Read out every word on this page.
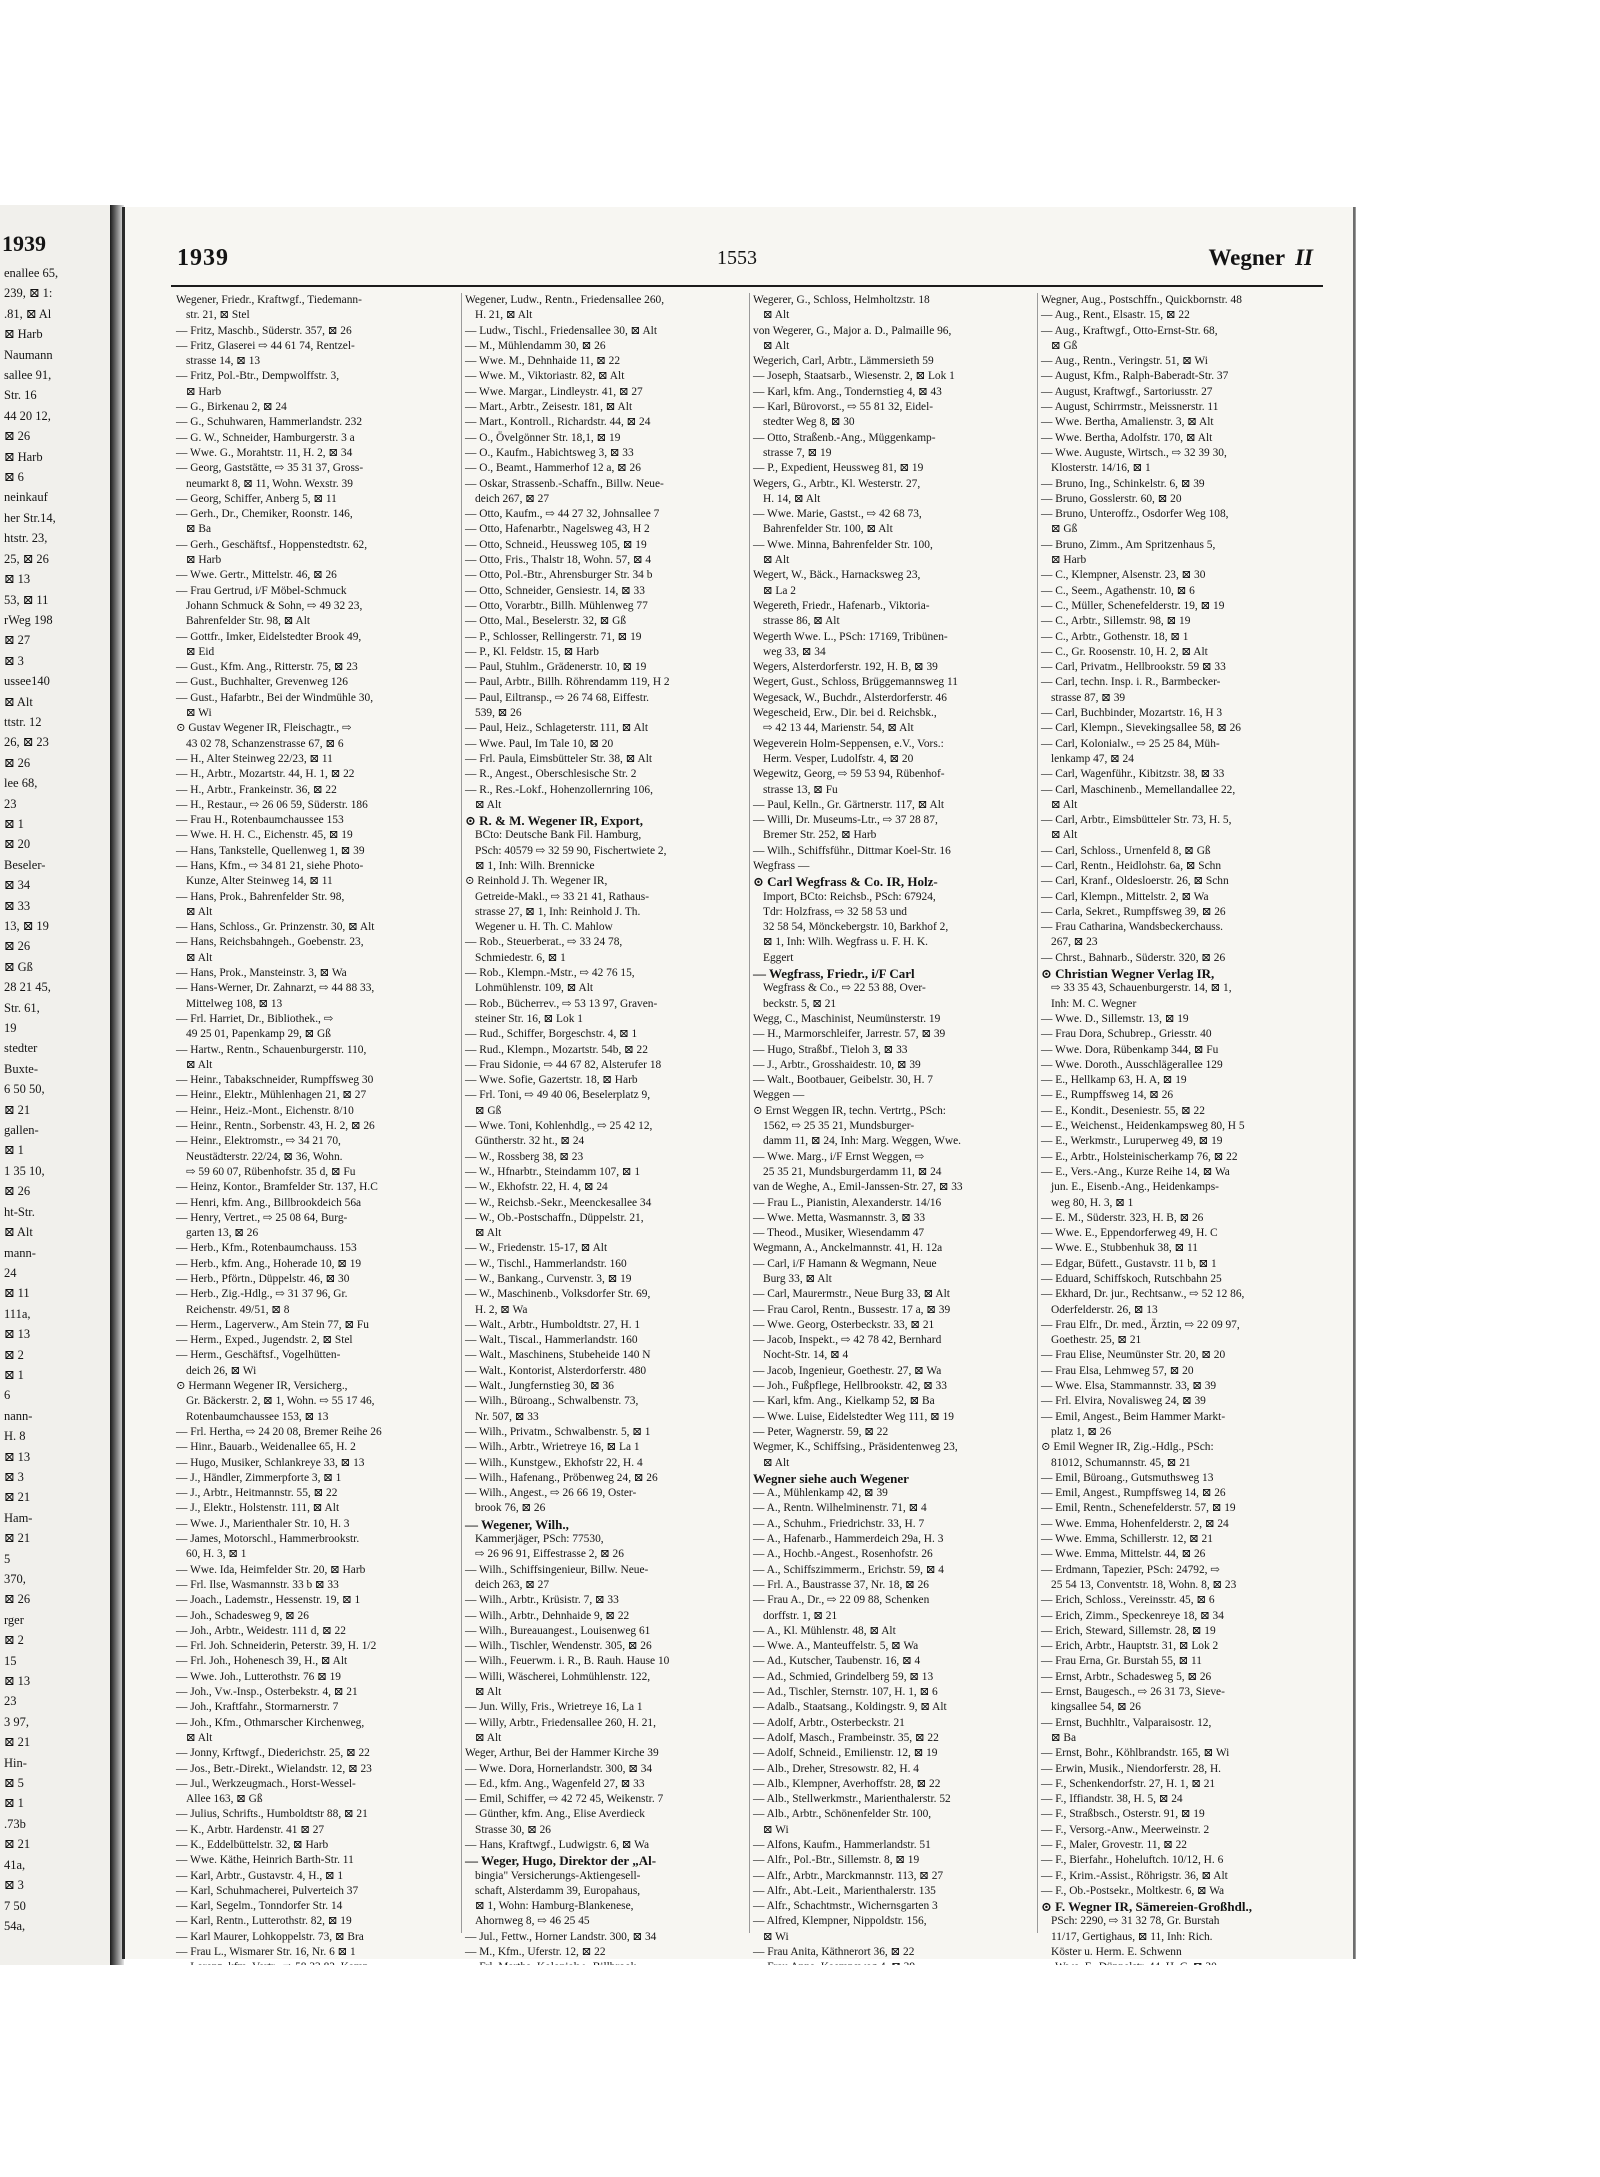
1939
enallee 65,
239, ⊠ 1:
.81, ⊠ Al
⊠ Harb
Naumann
sallee 91,
Str. 16
44 20 12,
⊠ 26
⊠ Harb
⊠ 6
neinkauf
her Str.14,
htstr. 23,
25, ⊠ 26
⊠ 13
53, ⊠ 11
rWeg 198
⊠ 27
⊠ 3
ussee140
⊠ Alt
ttstr. 12
26, ⊠ 23
⊠ 26
lee 68,
23
⊠ 1
⊠ 20
Beseler-
⊠ 34
⊠ 33
13, ⊠ 19
⊠ 26
⊠ Gß
28 21 45,
Str. 61,
19
stedter
Buxte-
6 50 50,
⊠ 21
gallen-
⊠ 1
1 35 10,
⊠ 26
ht-Str.
⊠ Alt
mann-
24
⊠ 11
111a,
⊠ 13
⊠ 2
⊠ 1
6
nann-
H. 8
⊠ 13
⊠ 3
⊠ 21
Ham-
⊠ 21
5
370,
⊠ 26
rger
⊠ 2
15
⊠ 13
23
3 97,
⊠ 21
Hin-
⊠ 5
⊠ 1
.73b
⊠ 21
41a,
⊠ 3
7 50
54a,
1939	1553	Wegner II
Wegener, Friedr., Kraftwgf., Tiedemann-
str. 21, ⊠ Stel
— Fritz, Maschb., Süderstr. 357, ⊠ 26
— Fritz, Glaserei ⇨ 44 61 74, Rentzel-
strasse 14, ⊠ 13
— Fritz, Pol.-Btr., Dempwolffstr. 3,
⊠ Harb
— G., Birkenau 2, ⊠ 24
— G., Schuhwaren, Hammerlandstr. 232
— G. W., Schneider, Hamburgerstr. 3 a
— Wwe. G., Morahtstr. 11, H. 2, ⊠ 34
— Georg, Gaststätte, ⇨ 35 31 37, Gross-
neumarkt 8, ⊠ 11, Wohn. Wexstr. 39
— Georg, Schiffer, Anberg 5, ⊠ 11
— Gerh., Dr., Chemiker, Roonstr. 146,
⊠ Ba
— Gerh., Geschäftsf., Hoppenstedtstr. 62,
⊠ Harb
— Wwe. Gertr., Mittelstr. 46, ⊠ 26
— Frau Gertrud, i/F Möbel-Schmuck
Johann Schmuck & Sohn, ⇨ 49 32 23,
Bahrenfelder Str. 98, ⊠ Alt
— Gottfr., Imker, Eidelstedter Brook 49,
⊠ Eid
— Gust., Kfm. Ang., Ritterstr. 75, ⊠ 23
— Gust., Buchhalter, Grevenweg 126
— Gust., Hafarbtr., Bei der Windmühle 30,
⊠ Wi
⊙ Gustav Wegener IR, Fleischagtr., ⇨
43 02 78, Schanzenstrasse 67, ⊠ 6
— H., Alter Steinweg 22/23, ⊠ 11
— H., Arbtr., Mozartstr. 44, H. 1, ⊠ 22
— H., Arbtr., Frankeinstr. 36, ⊠ 22
— H., Restaur., ⇨ 26 06 59, Süderstr. 186
— Frau H., Rotenbaumchaussee 153
— Wwe. H. H. C., Eichenstr. 45, ⊠ 19
— Hans, Tankstelle, Quellenweg 1, ⊠ 39
— Hans, Kfm., ⇨ 34 81 21, siehe Photo-
Kunze, Alter Steinweg 14, ⊠ 11
— Hans, Prok., Bahrenfelder Str. 98,
⊠ Alt
— Hans, Schloss., Gr. Prinzenstr. 30, ⊠ Alt
— Hans, Reichsbahngeh., Goebenstr. 23,
⊠ Alt
— Hans, Prok., Mansteinstr. 3, ⊠ Wa
— Hans-Werner, Dr. Zahnarzt, ⇨ 44 88 33,
Mittelweg 108, ⊠ 13
— Frl. Harriet, Dr., Bibliothek., ⇨
49 25 01, Papenkamp 29, ⊠ Gß
— Hartw., Rentn., Schauenburgerstr. 110,
⊠ Alt
— Heinr., Tabakschneider, Rumpffsweg 30
— Heinr., Elektr., Mühlenhagen 21, ⊠ 27
— Heinr., Heiz.-Mont., Eichenstr. 8/10
— Heinr., Rentn., Sorbenstr. 43, H. 2, ⊠ 26
— Heinr., Elektromstr., ⇨ 34 21 70,
Neustädterstr. 22/24, ⊠ 36, Wohn.
⇨ 59 60 07, Rübenhofstr. 35 d, ⊠ Fu
— Heinz, Kontor., Bramfelder Str. 137, H.C
— Henri, kfm. Ang., Billbrookdeich 56a
— Henry, Vertret., ⇨ 25 08 64, Burg-
garten 13, ⊠ 26
— Herb., Kfm., Rotenbaumchauss. 153
— Herb., kfm. Ang., Hoherade 10, ⊠ 19
— Herb., Pförtn., Düppelstr. 46, ⊠ 30
— Herb., Zig.-Hdlg., ⇨ 31 37 96, Gr.
Reichenstr. 49/51, ⊠ 8
— Herm., Lagerverw., Am Stein 77, ⊠ Fu
— Herm., Exped., Jugendstr. 2, ⊠ Stel
— Herm., Geschäftsf., Vogelhütten-
deich 26, ⊠ Wi
⊙ Hermann Wegener IR, Versicherg.,
Gr. Bäckerstr. 2, ⊠ 1, Wohn. ⇨ 55 17 46,
Rotenbaumchaussee 153, ⊠ 13
— Frl. Hertha, ⇨ 24 20 08, Bremer Reihe 26
— Hinr., Bauarb., Weidenallee 65, H. 2
— Hugo, Musiker, Schlankreye 33, ⊠ 13
— J., Händler, Zimmerpforte 3, ⊠ 1
— J., Arbtr., Heitmannstr. 55, ⊠ 22
— J., Elektr., Holstenstr. 111, ⊠ Alt
— Wwe. J., Marienthaler Str. 10, H. 3
— James, Motorschl., Hammerbrookstr.
60, H. 3, ⊠ 1
— Wwe. Ida, Heimfelder Str. 20, ⊠ Harb
— Frl. Ilse, Wasmannstr. 33 b ⊠ 33
— Joach., Lademstr., Hessenstr. 19, ⊠ 1
— Joh., Schadesweg 9, ⊠ 26
— Joh., Arbtr., Weidestr. 111 d, ⊠ 22
— Frl. Joh. Schneiderin, Peterstr. 39, H. 1/2
— Frl. Joh., Hohenesch 39, H., ⊠ Alt
— Wwe. Joh., Lutterothstr. 76 ⊠ 19
— Joh., Vw.-Insp., Osterbekstr. 4, ⊠ 21
— Joh., Kraftfahr., Stormarnerstr. 7
— Joh., Kfm., Othmarscher Kirchenweg,
⊠ Alt
— Jonny, Krftwgf., Diederichstr. 25, ⊠ 22
— Jos., Betr.-Direkt., Wielandstr. 12, ⊠ 23
— Jul., Werkzeugmach., Horst-Wessel-
Allee 163, ⊠ Gß
— Julius, Schrifts., Humboldtstr 88, ⊠ 21
— K., Arbtr. Hardenstr. 41 ⊠ 27
— K., Eddelbüttelstr. 32, ⊠ Harb
— Wwe. Käthe, Heinrich Barth-Str. 11
— Karl, Arbtr., Gustavstr. 4, H., ⊠ 1
— Karl, Schuhmacherei, Pulverteich 37
— Karl, Segelm., Tonndorfer Str. 14
— Karl, Rentn., Lutterothstr. 82, ⊠ 19
— Karl Maurer, Lohkoppelstr. 73, ⊠ Bra
— Frau L., Wismarer Str. 16, Nr. 6 ⊠ 1
Wegener, Ludw., Rentn., Friedensallee 260,
H. 21, ⊠ Alt
— Ludw., Tischl., Friedensallee 30, ⊠ Alt
— M., Mühlendamm 30, ⊠ 26
— Wwe. M., Dehnhaide 11, ⊠ 22
— Wwe. M., Viktoriastr. 82, ⊠ Alt
— Wwe. Margar., Lindleystr. 41, ⊠ 27
— Mart., Arbtr., Zeisestr. 181, ⊠ Alt
— Mart., Kontroll., Richardstr. 44, ⊠ 24
— O., Övelgönner Str. 18,1, ⊠ 19
— O., Kaufm., Habichtsweg 3, ⊠ 33
— O., Beamt., Hammerhof 12 a, ⊠ 26
— Oskar, Strassenb.-Schaffn., Billw. Neue-
deich 267, ⊠ 27
— Otto, Kaufm., ⇨ 44 27 32, Johnsallee 7
— Otto, Hafenarbtr., Nagelsweg 43, H 2
— Otto, Schneid., Heussweg 105, ⊠ 19
— Otto, Fris., Thalstr 18, Wohn. 57, ⊠ 4
— Otto, Pol.-Btr., Ahrensburger Str. 34 b
— Otto, Schneider, Gensiestr. 14, ⊠ 33
— Otto, Vorarbtr., Billh. Mühlenweg 77
— Otto, Mal., Beselerstr. 32, ⊠ Gß
— P., Schlosser, Rellingerstr. 71, ⊠ 19
— P., Kl. Feldstr. 15, ⊠ Harb
— Paul, Stuhlm., Grädenerstr. 10, ⊠ 19
— Paul, Arbtr., Billh. Röhrendamm 119, H 2
— Paul, Eiltransp., ⇨ 26 74 68, Eiffestr.
539, ⊠ 26
— Paul, Heiz., Schlageterstr. 111, ⊠ Alt
— Wwe. Paul, Im Tale 10, ⊠ 20
— Frl. Paula, Eimsbütteler Str. 38, ⊠ Alt
— R., Angest., Oberschlesische Str. 2
— R., Res.-Lokf., Hohenzollernring 106,
⊠ Alt
⊙ R. & M. Wegener IR, Export,
BCto: Deutsche Bank Fil. Hamburg,
PSch: 40579 ⇨ 32 59 90, Fischertwiete 2,
⊠ 1, Inh: Wilh. Brennicke
⊙ Reinhold J. Th. Wegener IR,
Getreide-Makl., ⇨ 33 21 41, Rathaus-
strasse 27, ⊠ 1, Inh: Reinhold J. Th.
Wegener u. H. Th. C. Mahlow
— Rob., Steuerberat., ⇨ 33 24 78,
Schmiedestr. 6, ⊠ 1
— Rob., Klempn.-Mstr., ⇨ 42 76 15,
Lohmühlenstr. 109, ⊠ Alt
— Rob., Bücherrev., ⇨ 53 13 97, Graven-
steiner Str. 16, ⊠ Lok 1
— Rud., Schiffer, Borgeschstr. 4, ⊠ 1
— Rud., Klempn., Mozartstr. 54b, ⊠ 22
— Frau Sidonie, ⇨ 44 67 82, Alsterufer 18
— Wwe. Sofie, Gazertstr. 18, ⊠ Harb
— Frl. Toni, ⇨ 49 40 06, Beselerplatz 9,
⊠ Gß
— Wwe. Toni, Kohlenhdlg., ⇨ 25 42 12,
Güntherstr. 32 ht., ⊠ 24
— W., Rossberg 38, ⊠ 23
— W., Hfnarbtr., Steindamm 107, ⊠ 1
— W., Ekhofstr. 22, H. 4, ⊠ 24
— W., Reichsb.-Sekr., Meenckesallee 34
— W., Ob.-Postschaffn., Düppelstr. 21,
⊠ Alt
— W., Friedenstr. 15-17, ⊠ Alt
— W., Tischl., Hammerlandstr. 160
— W., Bankang., Curvenstr. 3, ⊠ 19
— W., Maschinenb., Volksdorfer Str. 69,
H. 2, ⊠ Wa
— Walt., Arbtr., Humboldtstr. 27, H. 1
— Walt., Tiscal., Hammerlandstr. 160
— Walt., Maschinens, Stubeheide 140 N
— Walt., Kontorist, Alsterdorferstr. 480
— Walt., Jungfernstieg 30, ⊠ 36
— Wilh., Büroang., Schwalbenstr. 73,
Nr. 507, ⊠ 33
— Wilh., Privatm., Schwalbenstr. 5, ⊠ 1
— Wilh., Arbtr., Wrietreye 16, ⊠ La 1
— Wilh., Kunstgew., Ekhofstr 22, H. 4
— Wilh., Hafenang., Pröbenweg 24, ⊠ 26
— Wilh., Angest., ⇨ 26 66 19, Oster-
brook 76, ⊠ 26
— Wegener, Wilh.,
Kammerjäger, PSch: 77530,
⇨ 26 96 91, Eiffestrasse 2, ⊠ 26
— Wilh., Schiffsingenieur, Billw. Neue-
deich 263, ⊠ 27
— Wilh., Arbtr., Krüsistr. 7, ⊠ 33
— Wilh., Arbtr., Dehnhaide 9, ⊠ 22
— Wilh., Bureauangest., Louisenweg 61
— Wilh., Tischler, Wendenstr. 305, ⊠ 26
— Wilh., Feuerwm. i. R., B. Rauh. Hause 10
— Willi, Wäscherei, Lohmühlenstr. 122,
⊠ Alt
— Jun. Willy, Fris., Wrietreye 16, La 1
— Willy, Arbtr., Friedensallee 260, H. 21,
⊠ Alt
Weger, Arthur, Bei der Hammer Kirche 39
— Wwe. Dora, Hornerlandstr. 300, ⊠ 34
— Ed., kfm. Ang., Wagenfeld 27, ⊠ 33
— Emil, Schiffer, ⇨ 42 72 45, Weikenstr. 7
— Günther, kfm. Ang., Elise Averdieck
Strasse 30, ⊠ 26
— Hans, Kraftwgf., Ludwigstr. 6, ⊠ Wa
— Weger, Hugo, Direktor der „Al-
bingia" Versicherungs-Aktiengesell-
schaft, Alsterdamm 39, Europahaus,
⊠ 1, Wohn: Hamburg-Blankenese,
Ahornweg 8, ⇨ 46 25 45
— Jul., Fettw., Horner Landstr. 300, ⊠ 34
— M., Kfm., Uferstr. 12, ⊠ 22
Wegerer, G., Schloss, Helmholtzstr. 18
⊠ Alt
von Wegerer, G., Major a. D., Palmaille 96,
⊠ Alt
Wegerich, Carl, Arbtr., Lämmersieth 59
— Joseph, Staatsarb., Wiesenstr. 2, ⊠ Lok 1
— Karl, kfm. Ang., Tondernstieg 4, ⊠ 43
— Karl, Bürovorst., ⇨ 55 81 32, Eidel-
stedter Weg 8, ⊠ 30
— Otto, Straßenb.-Ang., Müggenkamp-
strasse 7, ⊠ 19
— P., Expedient, Heussweg 81, ⊠ 19
Wegers, G., Arbtr., Kl. Westerstr. 27,
H. 14, ⊠ Alt
— Wwe. Marie, Gastst., ⇨ 42 68 73,
Bahrenfelder Str. 100, ⊠ Alt
— Wwe. Minna, Bahrenfelder Str. 100,
⊠ Alt
Wegert, W., Bäck., Harnacksweg 23,
⊠ La 2
Wegereth, Friedr., Hafenarb., Viktoria-
strasse 86, ⊠ Alt
Wegerth Wwe. L., PSch: 17169, Tribünen-
weg 33, ⊠ 34
Wegers, Alsterdorferstr. 192, H. B, ⊠ 39
Wegert, Gust., Schloss, Brüggemannsweg 11
Wegesack, W., Buchdr., Alsterdorferstr. 46
Wegescheid, Erw., Dir. bei d. Reichsbk.,
⇨ 42 13 44, Marienstr. 54, ⊠ Alt
Wegeverein Holm-Seppensen, e.V., Vors.:
Herm. Vesper, Ludolfstr. 4, ⊠ 20
Wegewitz, Georg, ⇨ 59 53 94, Rübenhof-
strasse 13, ⊠ Fu
— Paul, Kelln., Gr. Gärtnerstr. 117, ⊠ Alt
— Willi, Dr. Museums-Ltr., ⇨ 37 28 87,
Bremer Str. 252, ⊠ Harb
— Wilh., Schiffsführ., Dittmar Koel-Str. 16
Wegfrass —
⊙ Carl Wegfrass & Co. IR, Holz-
Import, BCto: Reichsb., PSch: 67924,
Tdr: Holzfrass, ⇨ 32 58 53 und
32 58 54, Mönckebergstr. 10, Barkhof 2,
⊠ 1, Inh: Wilh. Wegfrass u. F. H. K.
Eggert
— Wegfrass, Friedr., i/F Carl
Wegfrass & Co., ⇨ 22 53 88, Over-
beckstr. 5, ⊠ 21
Wegg, C., Maschinist, Neumünsterstr. 19
— H., Marmorschleifer, Jarrestr. 57, ⊠ 39
— Hugo, Straßbf., Tieloh 3, ⊠ 33
— J., Arbtr., Grosshaidestr. 10, ⊠ 39
— Walt., Bootbauer, Geibelstr. 30, H. 7
Weggen —
⊙ Ernst Weggen IR, techn. Vertrtg., PSch:
1562, ⇨ 25 35 21, Mundsburger-
damm 11, ⊠ 24, Inh: Marg. Weggen, Wwe.
— Wwe. Marg., i/F Ernst Weggen, ⇨
25 35 21, Mundsburgerdamm 11, ⊠ 24
van de Weghe, A., Emil-Janssen-Str. 27, ⊠ 33
— Frau L., Pianistin, Alexanderstr. 14/16
— Wwe. Metta, Wasmannstr. 3, ⊠ 33
— Theod., Musiker, Wiesendamm 47
Wegmann, A., Anckelmannstr. 41, H. 12a
— Carl, i/F Hamann & Wegmann, Neue
Burg 33, ⊠ Alt
— Carl, Maurermstr., Neue Burg 33, ⊠ Alt
— Frau Carol, Rentn., Bussestr. 17 a, ⊠ 39
— Wwe. Georg, Osterbeckstr. 33, ⊠ 21
— Jacob, Inspekt., ⇨ 42 78 42, Bernhard
Nocht-Str. 14, ⊠ 4
— Jacob, Ingenieur, Goethestr. 27, ⊠ Wa
— Joh., Fußpflege, Hellbrookstr. 42, ⊠ 33
— Karl, kfm. Ang., Kielkamp 52, ⊠ Ba
— Wwe. Luise, Eidelstedter Weg 111, ⊠ 19
— Peter, Wagnerstr. 59, ⊠ 22
Wegmer, K., Schiffsing., Präsidentenweg 23,
⊠ Alt
Wegner siehe auch Wegener
— A., Mühlenkamp 42, ⊠ 39
— A., Rentn. Wilhelminenstr. 71, ⊠ 4
— A., Schuhm., Friedrichstr. 33, H. 7
— A., Hafenarb., Hammerdeich 29a, H. 3
— A., Hochb.-Angest., Rosenhofstr. 26
— A., Schiffszimmerm., Erichstr. 59, ⊠ 4
— Frl. A., Baustrasse 37, Nr. 18, ⊠ 26
— Frau A., Dr., ⇨ 22 09 88, Schenken
dorffstr. 1, ⊠ 21
— A., Kl. Mühlenstr. 48, ⊠ Alt
— Wwe. A., Manteuffelstr. 5, ⊠ Wa
— Ad., Kutscher, Taubenstr. 16, ⊠ 4
— Ad., Schmied, Grindelberg 59, ⊠ 13
— Ad., Tischler, Sternstr. 107, H. 1, ⊠ 6
— Adalb., Staatsang., Koldingstr. 9, ⊠ Alt
— Adolf, Arbtr., Osterbeckstr. 21
— Adolf, Masch., Frambeinstr. 35, ⊠ 22
— Adolf, Schneid., Emilienstr. 12, ⊠ 19
— Alb., Dreher, Stresowstr. 82, H. 4
— Alb., Klempner, Averhoffstr. 28, ⊠ 22
— Alb., Stellwerkmstr., Marienthalerstr. 52
— Alb., Arbtr., Schönenfelder Str. 100,
⊠ Wi
— Alfons, Kaufm., Hammerlandstr. 51
— Alfr., Pol.-Btr., Sillemstr. 8, ⊠ 19
— Alfr., Arbtr., Marckmannstr. 113, ⊠ 27
— Alfr., Abt.-Leit., Marienthalerstr. 135
— Alfr., Schachtmstr., Wichernsgarten 3
— Alfred, Klempner, Nippoldstr. 156,
⊠ Wi
— Frau Anita, Käthnerort 36, ⊠ 22
Wegner, Aug., Postschffn., Quickbornstr. 48
— Aug., Rent., Elsastr. 15, ⊠ 22
— Aug., Kraftwgf., Otto-Ernst-Str. 68,
⊠ Gß
— Aug., Rentn., Veringstr. 51, ⊠ Wi
— August, Kfm., Ralph-Baberadt-Str. 37
— August, Kraftwgf., Sartoriusstr. 27
— August, Schirrmstr., Meissnerstr. 11
— Wwe. Bertha, Amalienstr. 3, ⊠ Alt
— Wwe. Bertha, Adolfstr. 170, ⊠ Alt
— Wwe. Auguste, Wirtsch., ⇨ 32 39 30,
Klosterstr. 14/16, ⊠ 1
— Bruno, Ing., Schinkelstr. 6, ⊠ 39
— Bruno, Gosslerstr. 60, ⊠ 20
— Bruno, Unteroffz., Osdorfer Weg 108,
⊠ Gß
— Bruno, Zimm., Am Spritzenhaus 5,
⊠ Harb
— C., Klempner, Alsenstr. 23, ⊠ 30
— C., Seem., Agathenstr. 10, ⊠ 6
— C., Müller, Schenefelderstr. 19, ⊠ 19
— C., Arbtr., Sillemstr. 98, ⊠ 19
— C., Arbtr., Gothenstr. 18, ⊠ 1
— C., Gr. Roosenstr. 10, H. 2, ⊠ Alt
— Carl, Privatm., Hellbrookstr. 59 ⊠ 33
— Carl, techn. Insp. i. R., Barmbecker-
strasse 87, ⊠ 39
— Carl, Buchbinder, Mozartstr. 16, H 3
— Carl, Klempn., Sievekingsallee 58, ⊠ 26
— Carl, Kolonialw., ⇨ 25 25 84, Müh-
lenkamp 47, ⊠ 24
— Carl, Wagenführ., Kibitzstr. 38, ⊠ 33
— Carl, Maschinenb., Memellandallee 22,
⊠ Alt
— Carl, Arbtr., Eimsbütteler Str. 73, H. 5,
⊠ Alt
— Carl, Schloss., Urnenfeld 8, ⊠ Gß
— Carl, Rentn., Heidlohstr. 6a, ⊠ Schn
— Carl, Kranf., Oldesloerstr. 26, ⊠ Schn
— Carl, Klempn., Mittelstr. 2, ⊠ Wa
— Carla, Sekret., Rumpffsweg 39, ⊠ 26
— Frau Catharina, Wandsbeckerchauss.
267, ⊠ 23
— Chrst., Bahnarb., Süderstr. 320, ⊠ 26
⊙ Christian Wegner Verlag IR,
⇨ 33 35 43, Schauenburgerstr. 14, ⊠ 1,
Inh: M. C. Wegner
— Wwe. D., Sillemstr. 13, ⊠ 19
— Frau Dora, Schubrep., Griesstr. 40
— Wwe. Dora, Rübenkamp 344, ⊠ Fu
— Wwe. Doroth., Ausschlägerallee 129
— E., Hellkamp 63, H. A, ⊠ 19
— E., Rumpffsweg 14, ⊠ 26
— E., Kondit., Deseniestr. 55, ⊠ 22
— E., Weichenst., Heidenkampsweg 80, H 5
— E., Werkmstr., Luruperweg 49, ⊠ 19
— E., Arbtr., Holsteinischerkamp 76, ⊠ 22
— E., Vers.-Ang., Kurze Reihe 14, ⊠ Wa
jun. E., Eisenb.-Ang., Heidenkamps-
weg 80, H. 3, ⊠ 1
— E. M., Süderstr. 323, H. B, ⊠ 26
— Wwe. E., Eppendorferweg 49, H. C
— Wwe. E., Stubbenhuk 38, ⊠ 11
— Edgar, Büfett., Gustavstr. 11 b, ⊠ 1
— Eduard, Schiffskoch, Rutschbahn 25
— Ekhard, Dr. jur., Rechtsanw., ⇨ 52 12 86,
Oderfelderstr. 26, ⊠ 13
— Frau Elfr., Dr. med., Ärztin, ⇨ 22 09 97,
Goethestr. 25, ⊠ 21
— Frau Elise, Neumünster Str. 20, ⊠ 20
— Frau Elsa, Lehmweg 57, ⊠ 20
— Wwe. Elsa, Stammannstr. 33, ⊠ 39
— Frl. Elvira, Novalisweg 24, ⊠ 39
— Emil, Angest., Beim Hammer Markt-
platz 1, ⊠ 26
⊙ Emil Wegner IR, Zig.-Hdlg., PSch:
81012, Schumannstr. 45, ⊠ 21
— Emil, Büroang., Gutsmuthsweg 13
— Emil, Angest., Rumpffsweg 14, ⊠ 26
— Emil, Rentn., Schenefelderstr. 57, ⊠ 19
— Wwe. Emma, Hohenfelderstr. 2, ⊠ 24
— Wwe. Emma, Schillerstr. 12, ⊠ 21
— Wwe. Emma, Mittelstr. 44, ⊠ 26
— Erdmann, Tapezier, PSch: 24792, ⇨
25 54 13, Conventstr. 18, Wohn. 8, ⊠ 23
— Erich, Schloss., Vereinsstr. 45, ⊠ 6
— Erich, Zimm., Speckenreye 18, ⊠ 34
— Erich, Steward, Sillemstr. 28, ⊠ 19
— Erich, Arbtr., Hauptstr. 31, ⊠ Lok 2
— Frau Erna, Gr. Burstah 55, ⊠ 11
— Ernst, Arbtr., Schadesweg 5, ⊠ 26
— Ernst, Baugesch., ⇨ 26 31 73, Sieve-
kingsallee 54, ⊠ 26
— Ernst, Buchhltr., Valparaisostr. 12,
⊠ Ba
— Ernst, Bohr., Köhlbrandstr. 165, ⊠ Wi
— Erwin, Musik., Niendorferstr. 28, H.
— F., Schenkendorfstr. 27, H. 1, ⊠ 21
— F., Iffiandstr. 38, H. 5, ⊠ 24
— F., Straßbsch., Osterstr. 91, ⊠ 19
— F., Versorg.-Anw., Meerweinstr. 2
— F., Maler, Grovestr. 11, ⊠ 22
— F., Bierfahr., Hoheluftch. 10/12, H. 6
— F., Krim.-Assist., Röhrigstr. 36, ⊠ Alt
— F., Ob.-Postsekr., Moltkestr. 6, ⊠ Wa
⊙ F. Wegner IR, Sämereien-Großhdl.,
PSch: 2290, ⇨ 31 32 78, Gr. Burstah
11/17, Gertighaus, ⊠ 11, Inh: Rich.
Köster u. Herm. E. Schwenn
